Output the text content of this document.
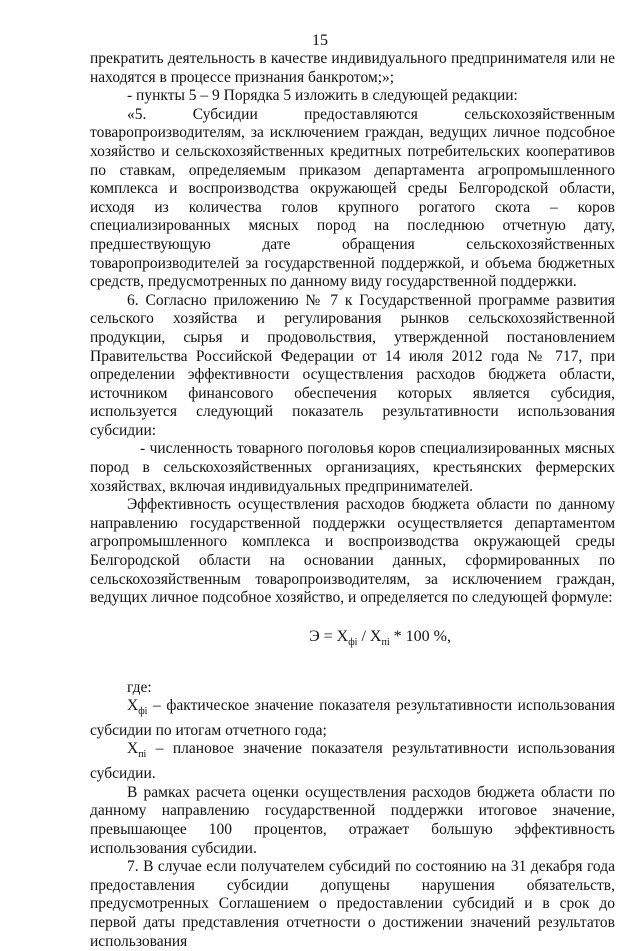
15

прекратить деятельность в качестве индивидуального предпринимателя или не находятся в процессе признания банкротом;»;

- пункты 5 – 9 Порядка 5 изложить в следующей редакции:

«5. Субсидии предоставляются сельскохозяйственным товаропроизводителям, за исключением граждан, ведущих личное подсобное хозяйство и сельскохозяйственных кредитных потребительских кооперативов по ставкам, определяемым приказом департамента агропромышленного комплекса и воспроизводства окружающей среды Белгородской области, исходя из количества голов крупного рогатого скота – коров специализированных мясных пород на последнюю отчетную дату, предшествующую дате обращения сельскохозяйственных товаропроизводителей за государственной поддержкой, и объема бюджетных средств, предусмотренных по данному виду государственной поддержки.

6. Согласно приложению № 7 к Государственной программе развития сельского хозяйства и регулирования рынков сельскохозяйственной продукции, сырья и продовольствия, утвержденной постановлением Правительства Российской Федерации от 14 июля 2012 года № 717, при определении эффективности осуществления расходов бюджета области, источником финансового обеспечения которых является субсидия, используется следующий показатель результативности использования субсидии:

- численность товарного поголовья коров специализированных мясных пород в сельскохозяйственных организациях, крестьянских фермерских хозяйствах, включая индивидуальных предпринимателей.

Эффективность осуществления расходов бюджета области по данному направлению государственной поддержки осуществляется департаментом агропромышленного комплекса и воспроизводства окружающей среды Белгородской области на основании данных, сформированных по сельскохозяйственным товаропроизводителям, за исключением граждан, ведущих личное подсобное хозяйство, и определяется по следующей формуле:

$Э = X_{фi} / X_{пi} * 100$ %,

где:

$X_{фi}$ – фактическое значение показателя результативности использования субсидии по итогам отчетного года;

$X_{пi}$ – плановое значение показателя результативности использования субсидии.

В рамках расчета оценки осуществления расходов бюджета области по данному направлению государственной поддержки итоговое значение, превышающее 100 процентов, отражает большую эффективность использования субсидии.

7. В случае если получателем субсидий по состоянию на 31 декабря года предоставления субсидии допущены нарушения обязательств, предусмотренных Соглашением о предоставлении субсидий и в срок до первой даты представления отчетности о достижении значений результатов использования
